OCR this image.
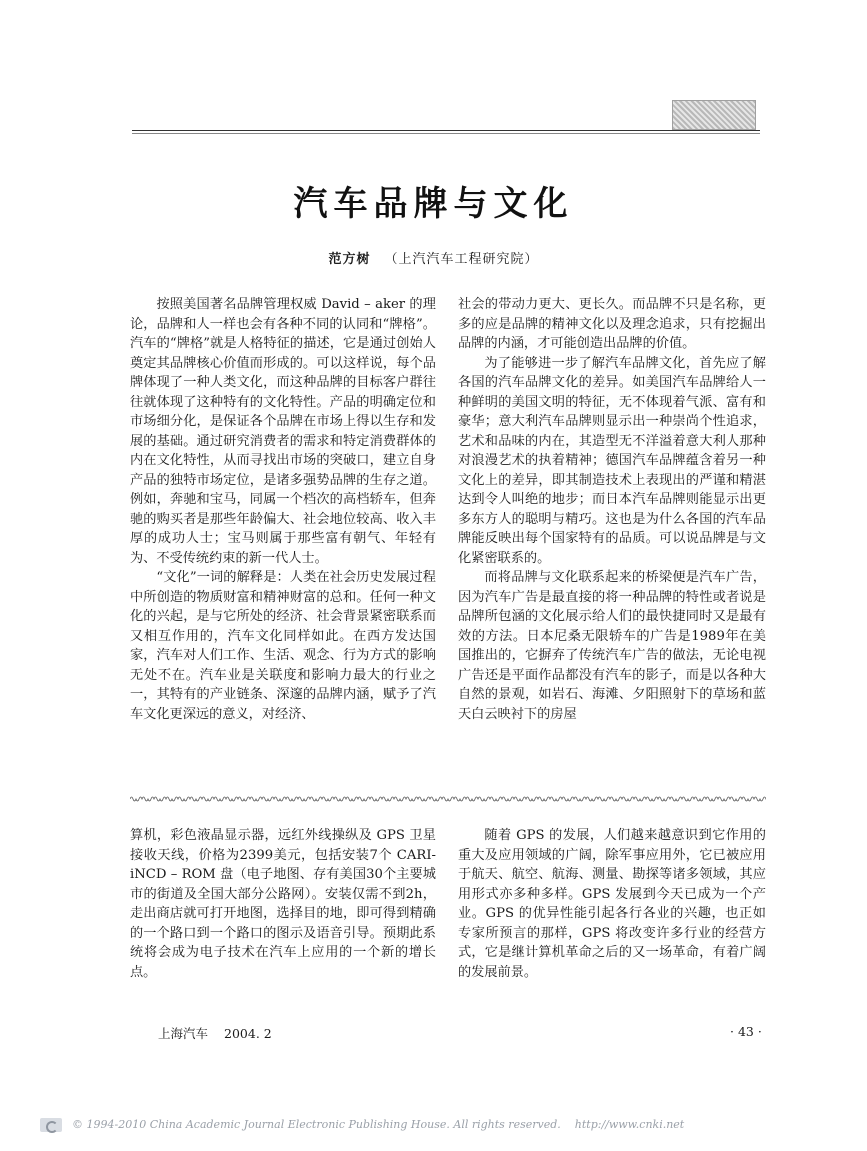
汽车品牌与文化
范方树 （上汽汽车工程研究院）

按照美国著名品牌管理权威 David – aker 的理论，品牌和人一样也会有各种不同的认同和“牌格”。汽车的“牌格”就是人格特征的描述，它是通过创始人奠定其品牌核心价值而形成的。可以这样说，每个品牌体现了一种人类文化，而这种品牌的目标客户群往往就体现了这种特有的文化特性。产品的明确定位和市场细分化，是保证各个品牌在市场上得以生存和发展的基础。通过研究消费者的需求和特定消费群体的内在文化特性，从而寻找出市场的突破口，建立自身产品的独特市场定位，是诸多强势品牌的生存之道。例如，奔驰和宝马，同属一个档次的高档轿车，但奔驰的购买者是那些年龄偏大、社会地位较高、收入丰厚的成功人士；宝马则属于那些富有朝气、年轻有为、不受传统约束的新一代人士。

“文化”一词的解释是：人类在社会历史发展过程中所创造的物质财富和精神财富的总和。任何一种文化的兴起，是与它所处的经济、社会背景紧密联系而又相互作用的，汽车文化同样如此。在西方发达国家，汽车对人们工作、生活、观念、行为方式的影响无处不在。汽车业是关联度和影响力最大的行业之一，其特有的产业链条、深邃的品牌内涵，赋予了汽车文化更深远的意义，对经济、

社会的带动力更大、更长久。而品牌不只是名称，更多的应是品牌的精神文化以及理念追求，只有挖掘出品牌的内涵，才可能创造出品牌的价值。

为了能够进一步了解汽车品牌文化，首先应了解各国的汽车品牌文化的差异。如美国汽车品牌给人一种鲜明的美国文明的特征，无不体现着气派、富有和豪华；意大利汽车品牌则显示出一种崇尚个性追求，艺术和品味的内在，其造型无不洋溢着意大利人那种对浪漫艺术的执着精神；德国汽车品牌蕴含着另一种文化上的差异，即其制造技术上表现出的严谨和精湛达到令人叫绝的地步；而日本汽车品牌则能显示出更多东方人的聪明与精巧。这也是为什么各国的汽车品牌能反映出每个国家特有的品质。可以说品牌是与文化紧密联系的。

而将品牌与文化联系起来的桥梁便是汽车广告，因为汽车广告是最直接的将一种品牌的特性或者说是品牌所包涵的文化展示给人们的最快捷同时又是最有效的方法。日本尼桑无限轿车的广告是1989年在美国推出的，它摒弃了传统汽车广告的做法，无论电视广告还是平面作品都没有汽车的影子，而是以各种大自然的景观，如岩石、海滩、夕阳照射下的草场和蓝天白云映衬下的房屋

算机，彩色液晶显示器，远红外线操纵及 GPS 卫星接收天线，价格为2399美元，包括安装7个 CARI-iNCD – ROM 盘（电子地图、存有美国30个主要城市的街道及全国大部分公路网）。安装仅需不到2h，走出商店就可打开地图，选择目的地，即可得到精确的一个路口到一个路口的图示及语音引导。预期此系统将会成为电子技术在汽车上应用的一个新的增长点。

随着 GPS 的发展，人们越来越意识到它作用的重大及应用领域的广阔，除军事应用外，它已被应用于航天、航空、航海、测量、勘探等诸多领域，其应用形式亦多种多样。GPS 发展到今天已成为一个产业。GPS 的优异性能引起各行各业的兴趣，也正如专家所预言的那样，GPS 将改变许多行业的经营方式，它是继计算机革命之后的又一场革命，有着广阔的发展前景。

上海汽车 2004. 2	· 43 ·
© 1994-2010 China Academic Journal Electronic Publishing House. All rights reserved. http://www.cnki.net
